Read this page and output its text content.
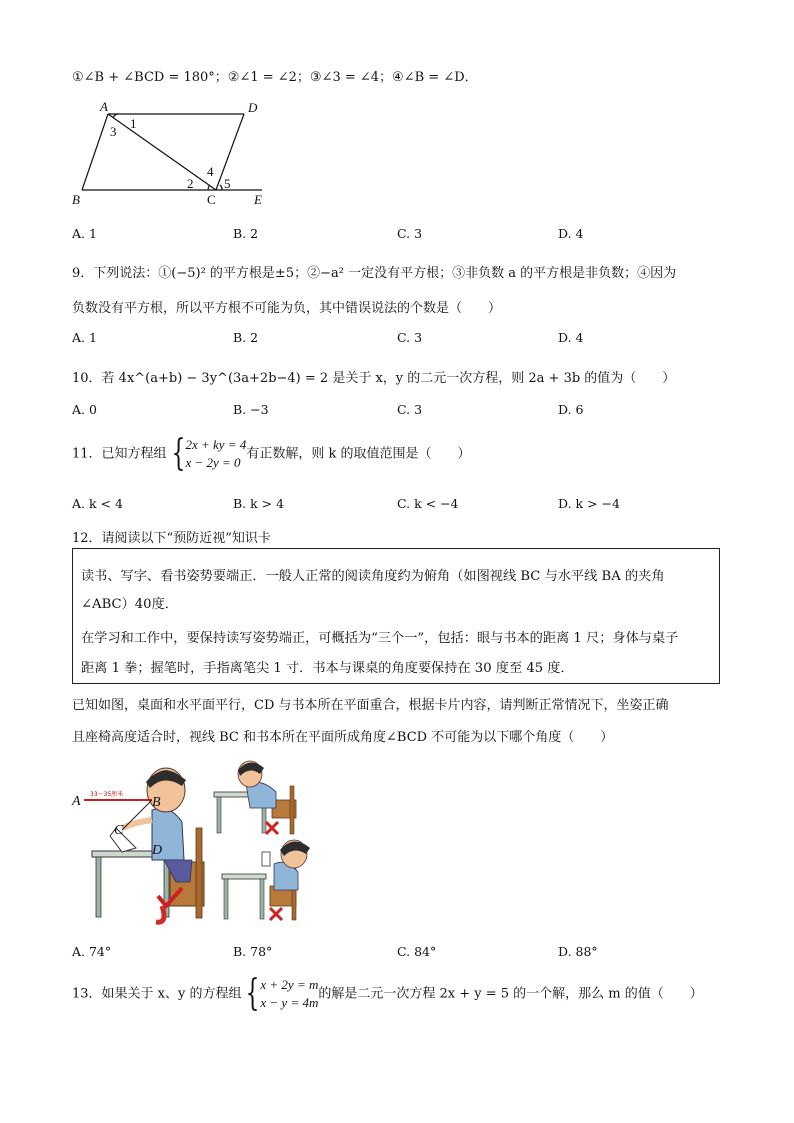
①∠B + ∠BCD = 180°；②∠1 = ∠2；③∠3 = ∠4；④∠B = ∠D．
A	D
B	C	E
1
3
2
4
5
A. 1	B. 2	C. 3	D. 4
9．下列说法：①(−5)² 的平方根是±5；②−a² 一定没有平方根；③非负数 a 的平方根是非负数；④因为
负数没有平方根，所以平方根不可能为负，其中错误说法的个数是（　　）
A. 1	B. 2	C. 3	D. 4
10．若 4x^(a+b) − 3y^(3a+2b−4) = 2 是关于 x，y 的二元一次方程，则 2a + 3b 的值为（　　）
A. 0	B. −3	C. 3	D. 6
11．已知方程组 {2x + ky = 4
x − 2y = 0有正数解，则 k 的取值范围是（　　）
A. k < 4	B. k > 4	C. k < −4	D. k > −4
12．请阅读以下“预防近视”知识卡
读书、写字、看书姿势要端正．一般人正常的阅读角度约为俯角（如图视线 BC 与水平线 BA 的夹角
∠ABC）40度．
在学习和工作中，要保持读写姿势端正，可概括为“三个一”，包括：眼与书本的距离 1 尺；身体与桌子
距离 1 拳；握笔时，手指离笔尖 1 寸．书本与课桌的角度要保持在 30 度至 45 度．
已知如图，桌面和水平面平行，CD 与书本所在平面重合，根据卡片内容，请判断正常情况下，坐姿正确
且座椅高度适合时，视线 BC 和书本所在平面所成角度∠BCD 不可能为以下哪个角度（　　）
A	B
C
D
33～35厘米
A. 74°	B. 78°	C. 84°	D. 88°
13．如果关于 x、y 的方程组 {x + 2y = m
x − y = 4m的解是二元一次方程 2x + y = 5 的一个解，那么 m 的值（　　）
